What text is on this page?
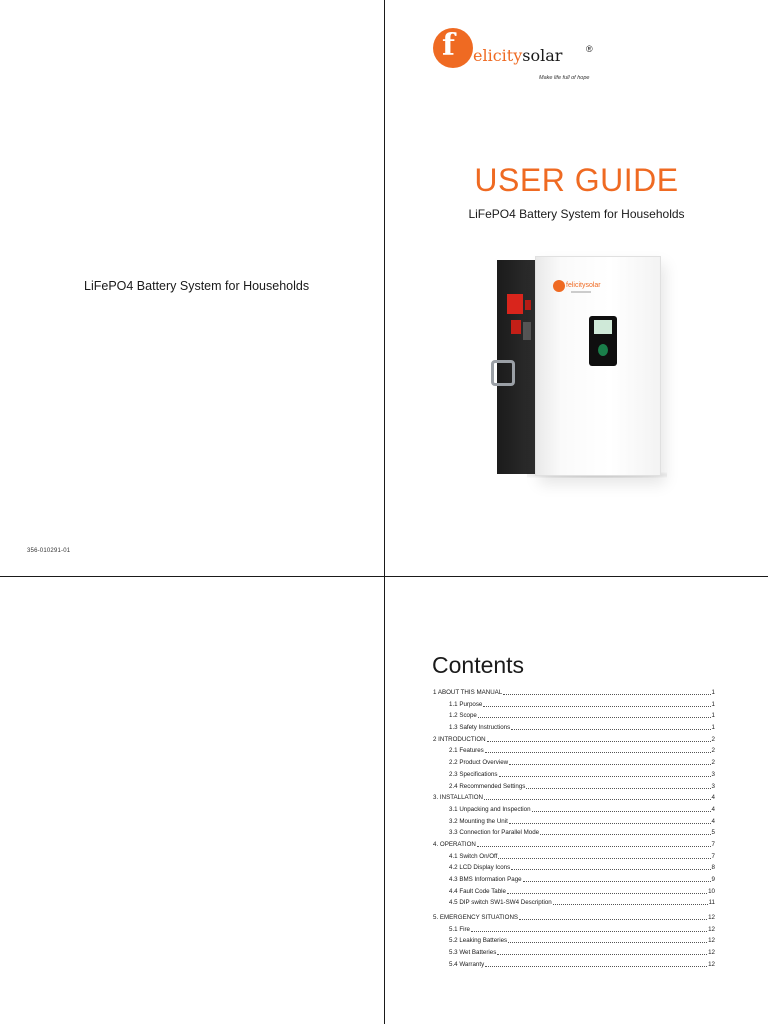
LiFePO4 Battery System for Households
356-010291-01
f elicitysolar	®
Make life full of hope
USER GUIDE
LiFePO4 Battery System for Households
felicitysolar
Contents
1 ABOUT THIS MANUAL	1
1.1 Purpose	1
1.2 Scope	1
1.3 Safety Instructions	1
2 INTRODUCTION	2
2.1 Features	2
2.2 Product Overview	2
2.3 Specifications	3
2.4 Recommended Settings	3
3. INSTALLATION	4
3.1 Unpacking and Inspection	4
3.2 Mounting the Unit	4
3.3 Connection for Parallel Mode	5
4. OPERATION	7
4.1 Switch On/Off	7
4.2 LCD Display Icons	8
4.3 BMS Information Page	9
4.4 Fault Code Table	10
4.5 DIP switch SW1-SW4 Description	11
5. EMERGENCY SITUATIONS	12
5.1 Fire	12
5.2 Leaking Batteries	12
5.3 Wet Batteries	12
5.4 Warranty	12
